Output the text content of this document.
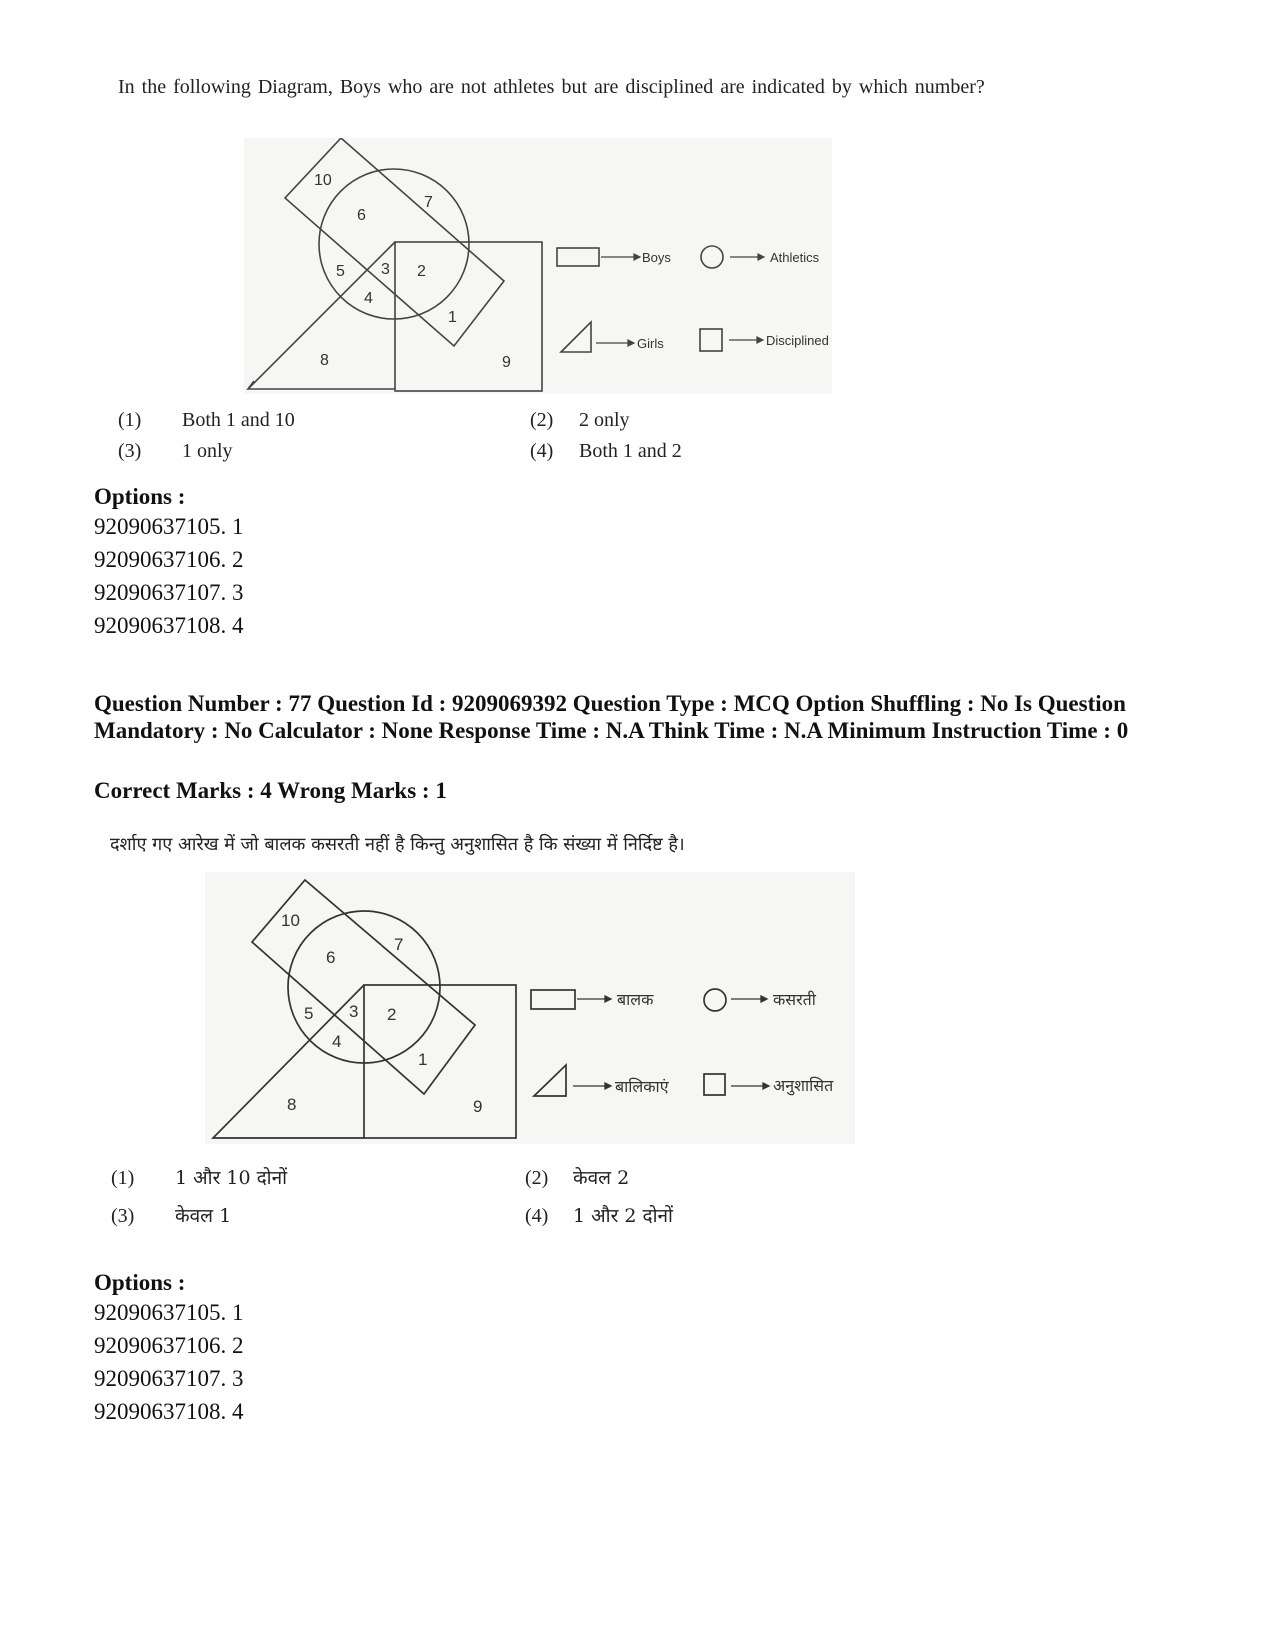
In the following Diagram, Boys who are not athletes but are disciplined are indicated by which number?
10
6
7
5 3 2
4
1
8	9
Boys	Athletics
Girls	Disciplined
(1) Both 1 and 10	(2) 2 only
(3) 1 only	(4) Both 1 and 2
Options :
92090637105. 1
92090637106. 2
92090637107. 3
92090637108. 4
Question Number : 77 Question Id : 9209069392 Question Type : MCQ Option Shuffling : No Is Question Mandatory : No Calculator : None Response Time : N.A Think Time : N.A Minimum Instruction Time : 0
Correct Marks : 4 Wrong Marks : 1
दर्शाए गए आरेख में जो बालक कसरती नहीं है किन्तु अनुशासित है कि संख्या में निर्दिष्ट है।
10
6
7
5 3 2
4
1
8	9
बालक	कसरती
बालिकाएं	अनुशासित
(1) 1 और 10 दोनों	(2) केवल 2
(3) केवल 1	(4) 1 और 2 दोनों
Options :
92090637105. 1
92090637106. 2
92090637107. 3
92090637108. 4
